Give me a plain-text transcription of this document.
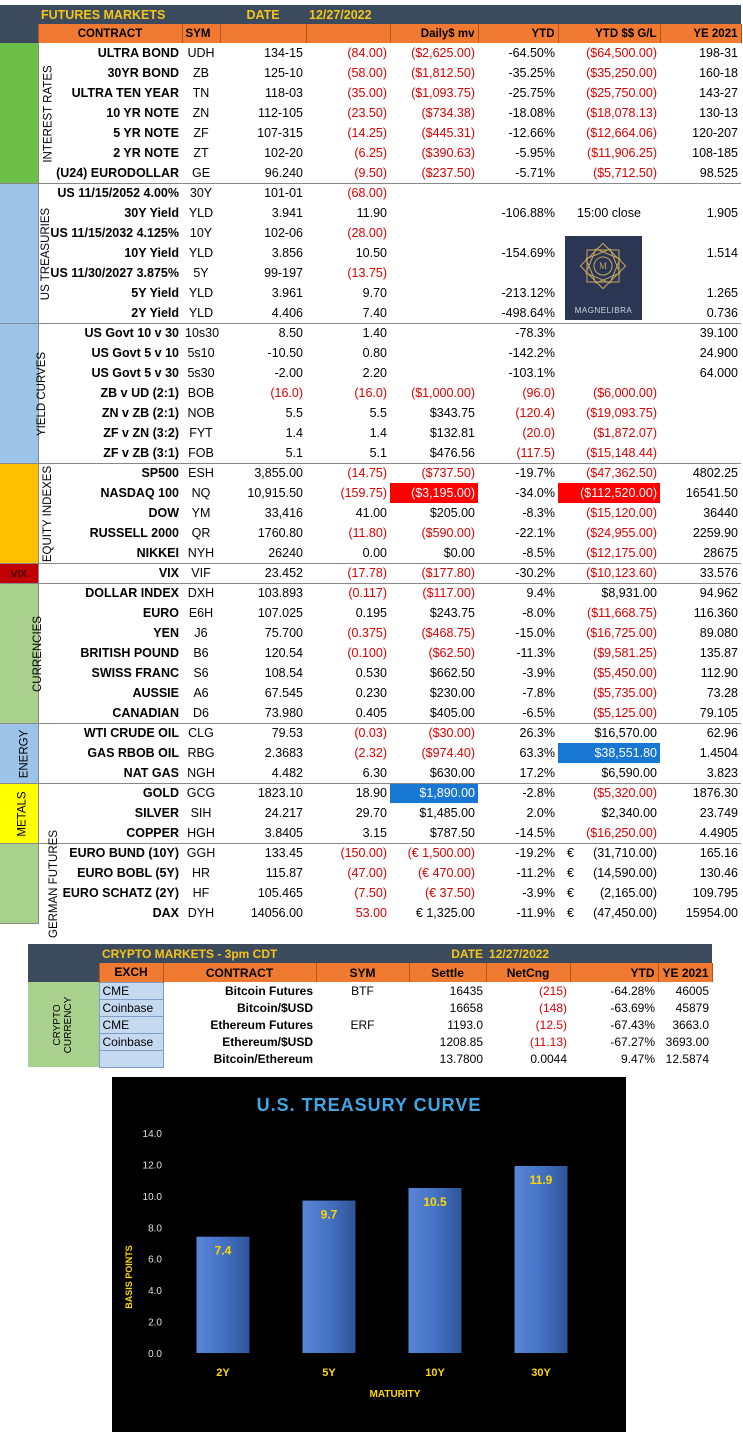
	FUTURES MARKETS		DATE	12/27/2022				
	CONTRACT	SYM			Daily$ mv	YTD	YTD $$ G/L	YE 2021
INTEREST RATES	ULTRA BOND	UDH	134-15	(84.00)	($2,625.00)	-64.50%	($64,500.00)	198-31
	30YR BOND	ZB	125-10	(58.00)	($1,812.50)	-35.25%	($35,250.00)	160-18
	ULTRA TEN YEAR	TN	118-03	(35.00)	($1,093.75)	-25.75%	($25,750.00)	143-27
	10 YR NOTE	ZN	112-105	(23.50)	($734.38)	-18.08%	($18,078.13)	130-13
	5 YR NOTE	ZF	107-315	(14.25)	($445.31)	-12.66%	($12,664.06)	120-207
	2 YR NOTE	ZT	102-20	(6.25)	($390.63)	-5.95%	($11,906.25)	108-185
	(U24) EURODOLLAR	GE	96.240	(9.50)	($237.50)	-5.71%	($5,712.50)	98.525
US TREASURIES	US 11/15/2052 4.00%	30Y	101-01	(68.00)				
	30Y Yield	YLD	3.941	11.90		-106.88%	15:00 close	1.905
	US 11/15/2032 4.125%	10Y	102-06	(28.00)				
	10Y Yield	YLD	3.856	10.50		-154.69%		1.514
	US 11/30/2027 3.875%	5Y	99-197	(13.75)				
	5Y Yield	YLD	3.961	9.70		-213.12%		1.265
	2Y Yield	YLD	4.406	7.40		-498.64%		0.736
YIELD CURVES	US Govt 10 v 30	10s30	8.50	1.40		-78.3%		39.100
	US Govt 5 v 10	5s10	-10.50	0.80		-142.2%		24.900
	US Govt 5 v 30	5s30	-2.00	2.20		-103.1%		64.000
	ZB v UD (2:1)	BOB	(16.0)	(16.0)	($1,000.00)	(96.0)	($6,000.00)	
	ZN v ZB (2:1)	NOB	5.5	5.5	$343.75	(120.4)	($19,093.75)	
	ZF v ZN (3:2)	FYT	1.4	1.4	$132.81	(20.0)	($1,872.07)	
	ZF v ZB (3:1)	FOB	5.1	5.1	$476.56	(117.5)	($15,148.44)	
EQUITY INDEXES	SP500	ESH	3,855.00	(14.75)	($737.50)	-19.7%	($47,362.50)	4802.25
	NASDAQ 100	NQ	10,915.50	(159.75)	($3,195.00)	-34.0%	($112,520.00)	16541.50
	DOW	YM	33,416	41.00	$205.00	-8.3%	($15,120.00)	36440
	RUSSELL 2000	QR	1760.80	(11.80)	($590.00)	-22.1%	($24,955.00)	2259.90
	NIKKEI	NYH	26240	0.00	$0.00	-8.5%	($12,175.00)	28675
VIX	VIX	VIF	23.452	(17.78)	($177.80)	-30.2%	($10,123.60)	33.576
CURRENCIES	DOLLAR INDEX	DXH	103.893	(0.117)	($117.00)	9.4%	$8,931.00	94.962
	EURO	E6H	107.025	0.195	$243.75	-8.0%	($11,668.75)	116.360
	YEN	J6	75.700	(0.375)	($468.75)	-15.0%	($16,725.00)	89.080
	BRITISH POUND	B6	120.54	(0.100)	($62.50)	-11.3%	($9,581.25)	135.87
	SWISS FRANC	S6	108.54	0.530	$662.50	-3.9%	($5,450.00)	112.90
	AUSSIE	A6	67.545	0.230	$230.00	-7.8%	($5,735.00)	73.28
	CANADIAN	D6	73.980	0.405	$405.00	-6.5%	($5,125.00)	79.105
ENERGY	WTI CRUDE OIL	CLG	79.53	(0.03)	($30.00)	26.3%	$16,570.00	62.96
	GAS RBOB OIL	RBG	2.3683	(2.32)	($974.40)	63.3%	$38,551.80	1.4504
	NAT GAS	NGH	4.482	6.30	$630.00	17.2%	$6,590.00	3.823
METALS	GOLD	GCG	1823.10	18.90	$1,890.00	-2.8%	($5,320.00)	1876.30
	SILVER	SIH	24.217	29.70	$1,485.00	2.0%	$2,340.00	23.749
	COPPER	HGH	3.8405	3.15	$787.50	-14.5%	($16,250.00)	4.4905
GERMAN FUTURES	EURO BUND (10Y)	GGH	133.45	(150.00)	(€ 1,500.00)	-19.2%	€ (31,710.00)	165.16
	EURO BOBL (5Y)	HR	115.87	(47.00)	(€ 470.00)	-11.2%	€ (14,590.00)	130.46
	EURO SCHATZ (2Y)	HF	105.465	(7.50)	(€ 37.50)	-3.9%	€ (2,165.00)	109.795
	DAX	DYH	14056.00	53.00	€ 1,325.00	-11.9%	€ (47,450.00)	15954.00
M
MAGNELIBRA
	CRYPTO MARKETS - 3pm CDT			DATE	12/27/2022		
	EXCH	CONTRACT	SYM	Settle	NetCng	YTD	YE 2021
CRYPTO CURRENCY	CME	Bitcoin Futures	BTF	16435	(215)	-64.28%	46005
	Coinbase	Bitcoin/$USD		16658	(148)	-63.69%	45879
	CME	Ethereum Futures	ERF	1193.0	(12.5)	-67.43%	3663.0
	Coinbase	Ethereum/$USD		1208.85	(11.13)	-67.27%	3693.00
		Bitcoin/Ethereum		13.7800	0.0044	9.47%	12.5874
U.S. TREASURY CURVE
BASIS POINTS
MATURITY
0.0
2.0
4.0
6.0
8.0
10.0
12.0
14.0
7.4
2Y
9.7
5Y
10.5
10Y
11.9
30Y
